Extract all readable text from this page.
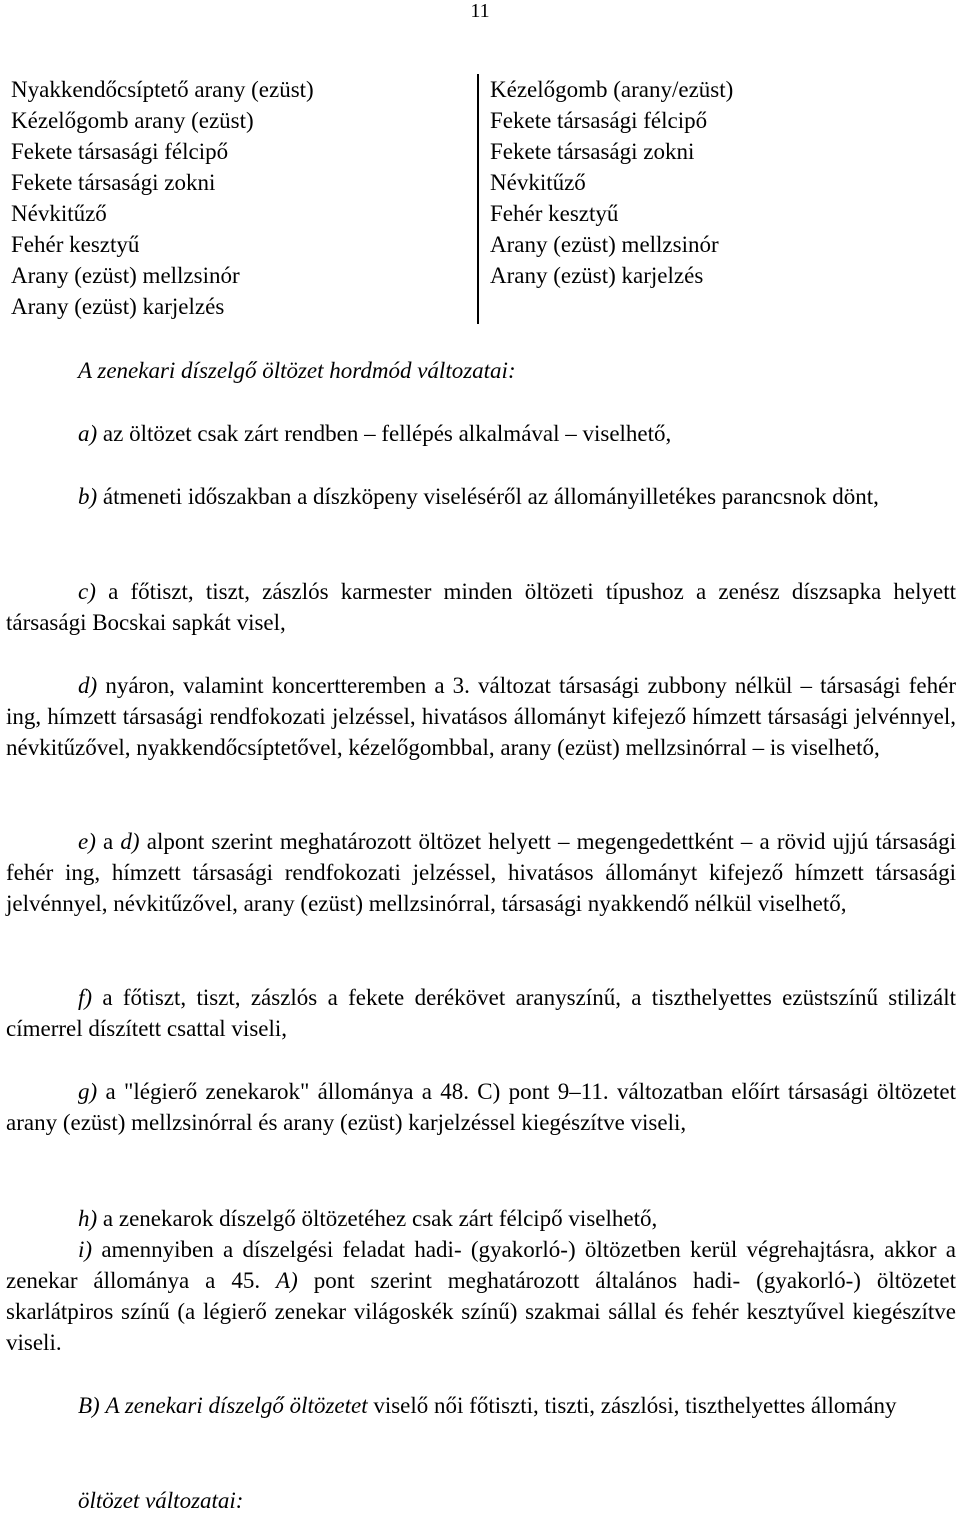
11
Nyakkendőcsíptető arany (ezüst)
Kézelőgomb arany (ezüst)
Fekete társasági félcipő
Fekete társasági zokni
Névkitűző
Fehér kesztyű
Arany (ezüst) mellzsinór
Arany (ezüst) karjelzés
Kézelőgomb (arany/ezüst)
Fekete társasági félcipő
Fekete társasági zokni
Névkitűző
Fehér kesztyű
Arany (ezüst) mellzsinór
Arany (ezüst) karjelzés

A zenekari díszelgő öltözet hordmód változatai:

a) az öltözet csak zárt rendben – fellépés alkalmával – viselhető,

b) átmeneti időszakban a díszköpeny viseléséről az állományilletékes parancsnok dönt,

c) a főtiszt, tiszt, zászlós karmester minden öltözeti típushoz a zenész díszsapka helyett társasági Bocskai sapkát visel,

d) nyáron, valamint koncertteremben a 3. változat társasági zubbony nélkül – társasági fehér ing, hímzett társasági rendfokozati jelzéssel, hivatásos állományt kifejező hímzett társasági jelvénnyel, névkitűzővel, nyakkendőcsíptetővel, kézelőgombbal, arany (ezüst) mellzsinórral – is viselhető,

e) a d) alpont szerint meghatározott öltözet helyett – megengedettként – a rövid ujjú társasági fehér ing, hímzett társasági rendfokozati jelzéssel, hivatásos állományt kifejező hímzett társasági jelvénnyel, névkitűzővel, arany (ezüst) mellzsinórral, társasági nyakkendő nélkül viselhető,

f) a főtiszt, tiszt, zászlós a fekete derékövet aranyszínű, a tiszthelyettes ezüstszínű stilizált címerrel díszített csattal viseli,

g) a "légierő zenekarok" állománya a 48. C) pont 9–11. változatban előírt társasági öltözetet arany (ezüst) mellzsinórral és arany (ezüst) karjelzéssel kiegészítve viseli,

h) a zenekarok díszelgő öltözetéhez csak zárt félcipő viselhető,

i) amennyiben a díszelgési feladat hadi- (gyakorló-) öltözetben kerül végrehajtásra, akkor a zenekar állománya a 45. A) pont szerint meghatározott általános hadi- (gyakorló-) öltözetet skarlátpiros színű (a légierő zenekar világoskék színű) szakmai sállal és fehér kesztyűvel kiegészítve viseli.

B) A zenekari díszelgő öltözetet viselő női főtiszti, tiszti, zászlósi, tiszthelyettes állomány

öltözet változatai:
